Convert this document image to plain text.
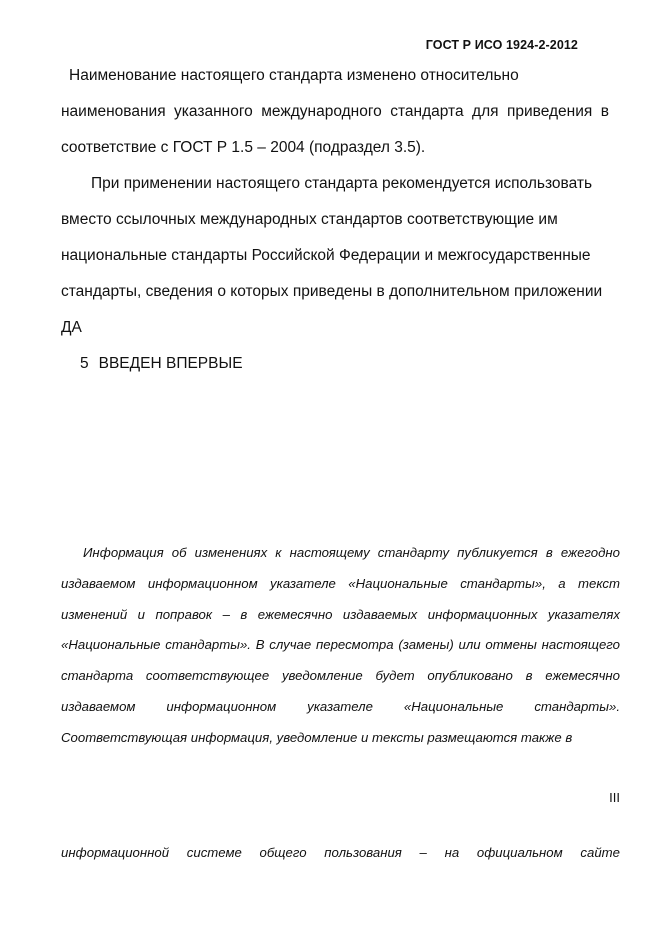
ГОСТ Р ИСО 1924-2-2012
Наименование настоящего стандарта изменено относительно
наименования указанного международного стандарта для приведения в
соответствие с ГОСТ Р 1.5 – 2004 (подраздел 3.5).
При применении настоящего стандарта рекомендуется использовать
вместо ссылочных международных стандартов соответствующие им
национальные стандарты Российской Федерации и межгосударственные
стандарты, сведения о которых приведены в дополнительном приложении
ДА
5 ВВЕДЕН ВПЕРВЫЕ
Информация об изменениях к настоящему стандарту публикуется в ежегодно
издаваемом информационном указателе «Национальные стандарты», а текст
изменений и поправок – в ежемесячно издаваемых информационных указателях
«Национальные стандарты». В случае пересмотра (замены) или отмены настоящего
стандарта соответствующее уведомление будет опубликовано в ежемесячно
издаваемом информационном указателе «Национальные стандарты».
Соответствующая информация, уведомление и тексты размещаются также в
III
информационной системе общего пользования – на официальном сайте
